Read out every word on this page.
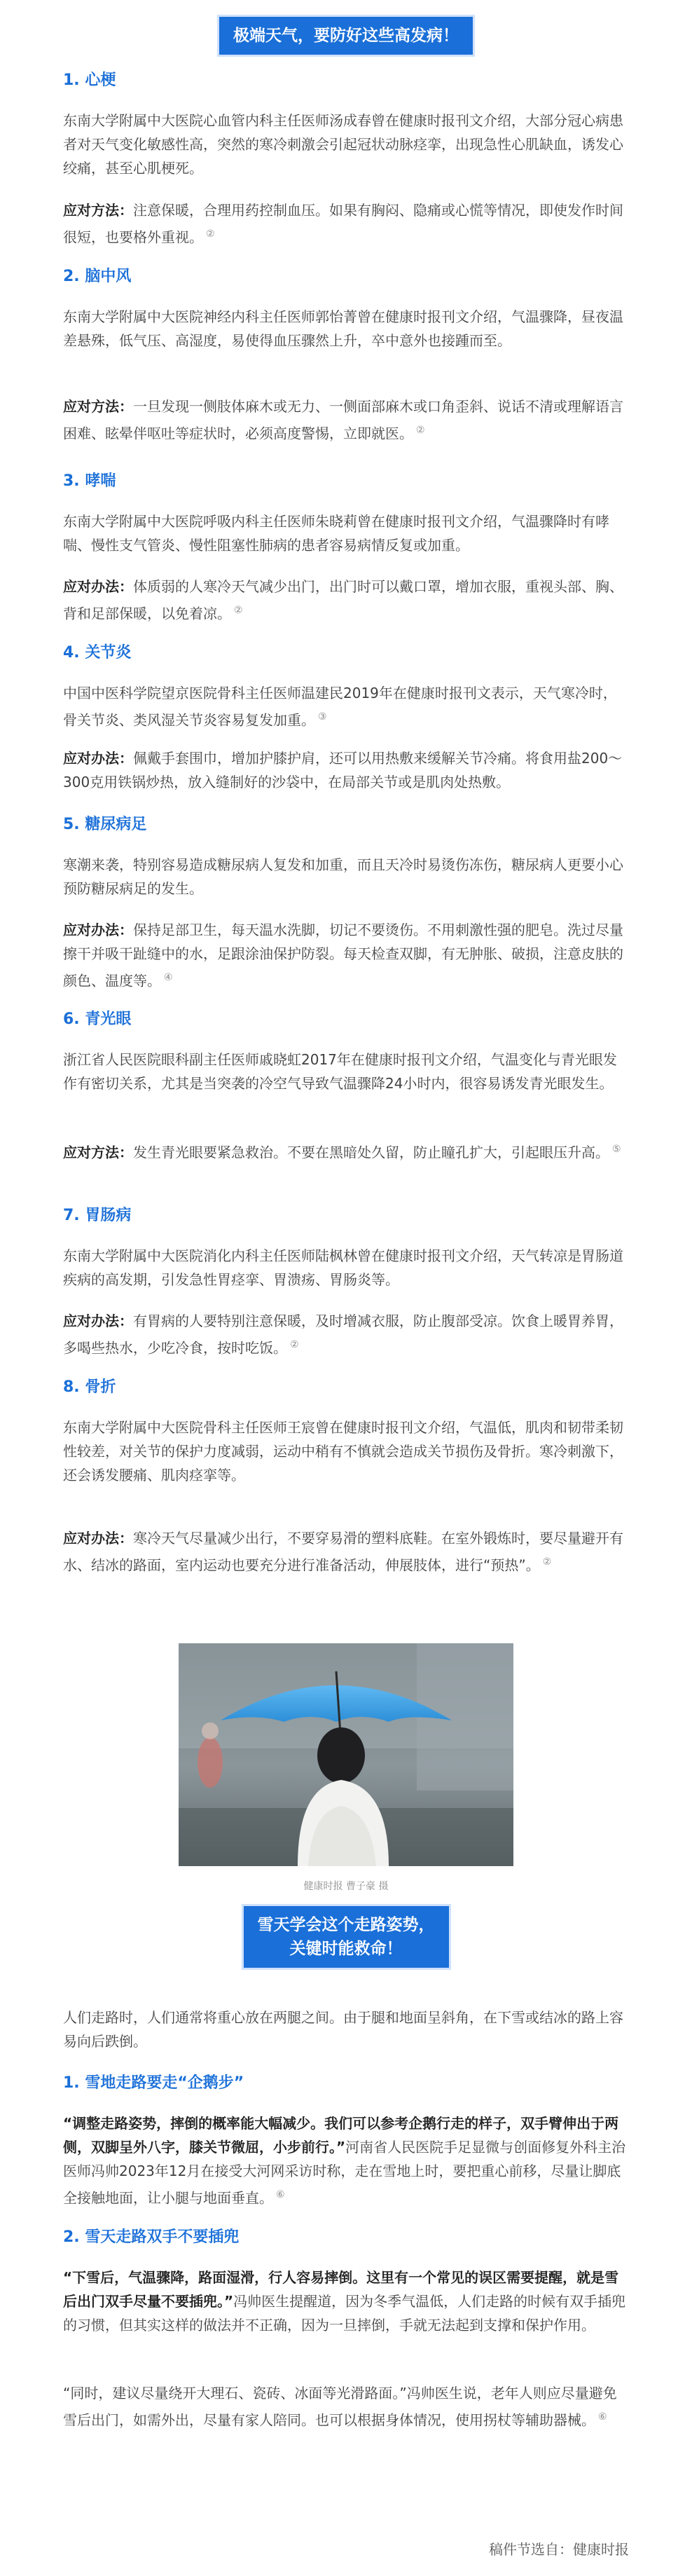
极端天气，要防好这些高发病！
1. 心梗

东南大学附属中大医院心血管内科主任医师汤成春曾在健康时报刊文介绍，大部分冠心病患者对天气变化敏感性高，突然的寒冷刺激会引起冠状动脉痉挛，出现急性心肌缺血，诱发心绞痛，甚至心肌梗死。

应对方法：注意保暖，合理用药控制血压。如果有胸闷、隐痛或心慌等情况，即使发作时间很短，也要格外重视。 ②

2. 脑中风

东南大学附属中大医院神经内科主任医师郭怡菁曾在健康时报刊文介绍，气温骤降，昼夜温差悬殊，低气压、高湿度，易使得血压骤然上升，卒中意外也接踵而至。

应对方法：一旦发现一侧肢体麻木或无力、一侧面部麻木或口角歪斜、说话不清或理解语言困难、眩晕伴呕吐等症状时，必须高度警惕，立即就医。 ②

3. 哮喘

东南大学附属中大医院呼吸内科主任医师朱晓莉曾在健康时报刊文介绍，气温骤降时有哮喘、慢性支气管炎、慢性阻塞性肺病的患者容易病情反复或加重。

应对办法：体质弱的人寒冷天气减少出门，出门时可以戴口罩，增加衣服，重视头部、胸、背和足部保暖，以免着凉。 ②

4. 关节炎

中国中医科学院望京医院骨科主任医师温建民2019年在健康时报刊文表示，天气寒冷时，骨关节炎、类风湿关节炎容易复发加重。 ③

应对办法：佩戴手套围巾，增加护膝护肩，还可以用热敷来缓解关节冷痛。将食用盐200～300克用铁锅炒热，放入缝制好的沙袋中，在局部关节或是肌肉处热敷。

5. 糖尿病足

寒潮来袭，特别容易造成糖尿病人复发和加重，而且天冷时易烫伤冻伤，糖尿病人更要小心预防糖尿病足的发生。

应对办法：保持足部卫生，每天温水洗脚，切记不要烫伤。不用刺激性强的肥皂。洗过尽量擦干并吸干趾缝中的水，足跟涂油保护防裂。每天检查双脚，有无肿胀、破损，注意皮肤的颜色、温度等。 ④

6. 青光眼

浙江省人民医院眼科副主任医师戚晓虹2017年在健康时报刊文介绍，气温变化与青光眼发作有密切关系，尤其是当突袭的冷空气导致气温骤降24小时内，很容易诱发青光眼发生。

应对方法：发生青光眼要紧急救治。不要在黑暗处久留，防止瞳孔扩大，引起眼压升高。 ⑤

7. 胃肠病

东南大学附属中大医院消化内科主任医师陆枫林曾在健康时报刊文介绍，天气转凉是胃肠道疾病的高发期，引发急性胃痉挛、胃溃疡、胃肠炎等。

应对办法：有胃病的人要特别注意保暖，及时增减衣服，防止腹部受凉。饮食上暖胃养胃，多喝些热水，少吃冷食，按时吃饭。 ②

8. 骨折

东南大学附属中大医院骨科主任医师王宸曾在健康时报刊文介绍，气温低，肌肉和韧带柔韧性较差，对关节的保护力度减弱，运动中稍有不慎就会造成关节损伤及骨折。寒冷刺激下，还会诱发腰痛、肌肉痉挛等。

应对办法：寒冷天气尽量减少出行，不要穿易滑的塑料底鞋。在室外锻炼时，要尽量避开有水、结冰的路面，室内运动也要充分进行准备活动，伸展肢体，进行“预热”。 ②

健康时报 曹子豪 摄
雪天学会这个走路姿势，
关键时能救命！

人们走路时，人们通常将重心放在两腿之间。由于腿和地面呈斜角，在下雪或结冰的路上容易向后跌倒。

1. 雪地走路要走“企鹅步”

“调整走路姿势，摔倒的概率能大幅减少。我们可以参考企鹅行走的样子，双手臂伸出于两侧，双脚呈外八字，膝关节微屈，小步前行。”河南省人民医院手足显微与创面修复外科主治医师冯帅2023年12月在接受大河网采访时称，走在雪地上时，要把重心前移，尽量让脚底全接触地面，让小腿与地面垂直。 ⑥

2. 雪天走路双手不要插兜

“下雪后，气温骤降，路面湿滑，行人容易摔倒。这里有一个常见的误区需要提醒，就是雪后出门双手尽量不要插兜。”冯帅医生提醒道，因为冬季气温低，人们走路的时候有双手插兜的习惯，但其实这样的做法并不正确，因为一旦摔倒，手就无法起到支撑和保护作用。

“同时，建议尽量绕开大理石、瓷砖、冰面等光滑路面。”冯帅医生说，老年人则应尽量避免雪后出门，如需外出，尽量有家人陪同。也可以根据身体情况，使用拐杖等辅助器械。 ⑥

稿件节选自：健康时报
